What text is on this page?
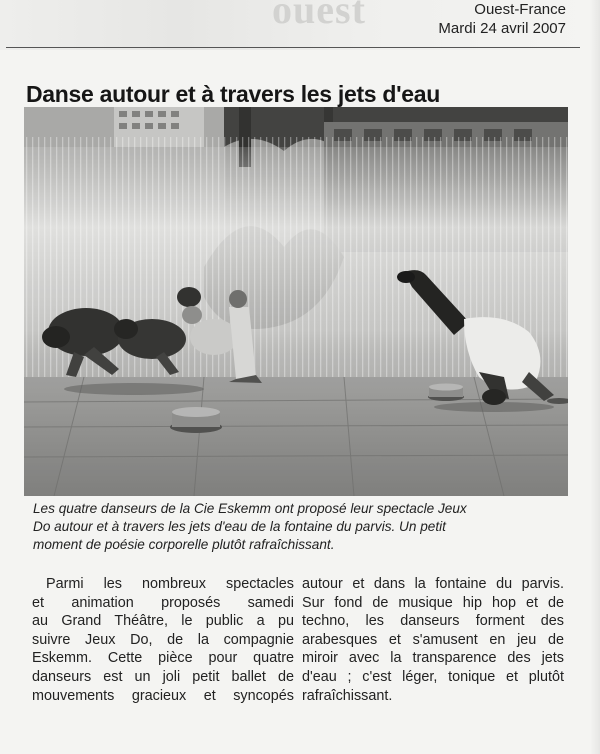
ouest	Ouest-France
Mardi 24 avril 2007
Danse autour et à travers les jets d'eau
Les quatre danseurs de la Cie Eskemm ont proposé leur spectacle Jeux
Do autour et à travers les jets d'eau de la fontaine du parvis. Un petit
moment de poésie corporelle plutôt rafraîchissant.
Parmi les nombreux spectacles
et animation proposés samedi
au Grand Théâtre, le public a pu
suivre Jeux Do, de la compagnie
Eskemm. Cette pièce pour quatre
danseurs est un joli petit ballet de
mouvements gracieux et syncopés
autour et dans la fontaine du parvis.
Sur fond de musique hip hop et de
techno, les danseurs forment des
arabesques et s'amusent en jeu de
miroir avec la transparence des jets
d'eau ; c'est léger, tonique et plutôt
rafraîchissant.
